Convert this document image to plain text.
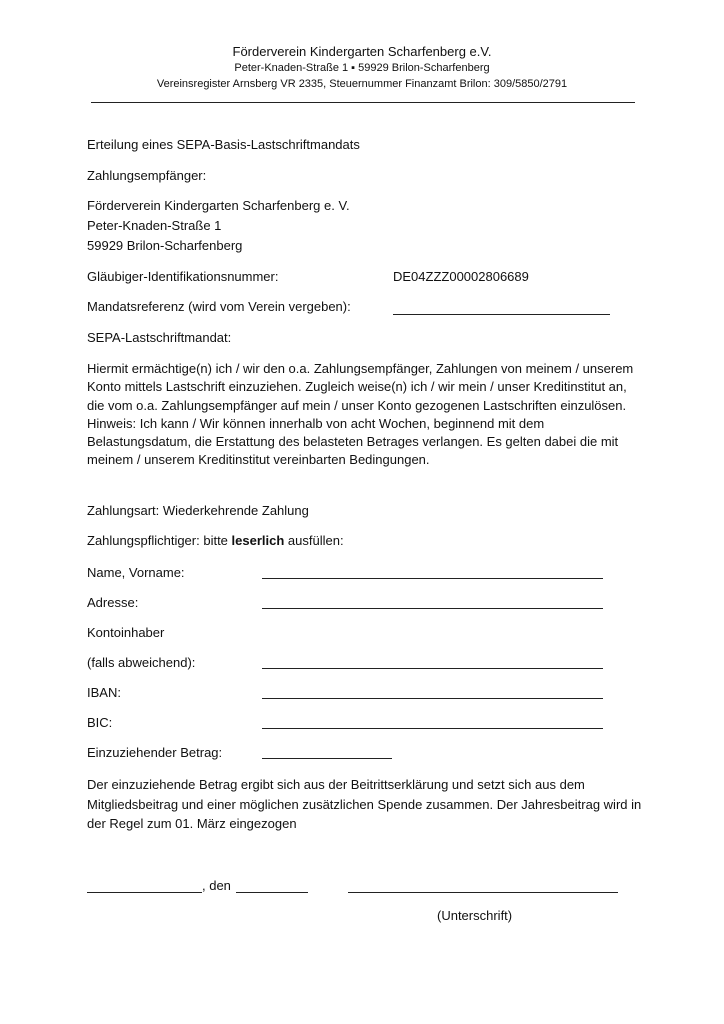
Förderverein Kindergarten Scharfenberg e.V.
Peter-Knaden-Straße 1 ▪ 59929 Brilon-Scharfenberg
Vereinsregister Arnsberg VR 2335, Steuernummer Finanzamt Brilon: 309/5850/2791
Erteilung eines SEPA-Basis-Lastschriftmandats
Zahlungsempfänger:
Förderverein Kindergarten Scharfenberg e. V.
Peter-Knaden-Straße 1
59929 Brilon-Scharfenberg
Gläubiger-Identifikationsnummer:	DE04ZZZ00002806689
Mandatsreferenz (wird vom Verein vergeben):
SEPA-Lastschriftmandat:

Hiermit ermächtige(n) ich / wir den o.a. Zahlungsempfänger, Zahlungen von meinem / unserem Konto mittels Lastschrift einzuziehen. Zugleich weise(n) ich / wir mein / unser Kreditinstitut an, die vom o.a. Zahlungsempfänger auf mein / unser Konto gezogenen Lastschriften einzulösen.

Hinweis: Ich kann / Wir können innerhalb von acht Wochen, beginnend mit dem Belastungsdatum, die Erstattung des belasteten Betrages verlangen. Es gelten dabei die mit meinem / unserem Kreditinstitut vereinbarten Bedingungen.

Zahlungsart: Wiederkehrende Zahlung
Zahlungspflichtiger: bitte leserlich ausfüllen:
Name, Vorname:
Adresse:
Kontoinhaber
(falls abweichend):
IBAN:
BIC:
Einzuziehender Betrag:
Der einzuziehende Betrag ergibt sich aus der Beitrittserklärung und setzt sich aus dem Mitgliedsbeitrag und einer möglichen zusätzlichen Spende zusammen. Der Jahresbeitrag wird in der Regel zum 01. März eingezogen
, den
(Unterschrift)
